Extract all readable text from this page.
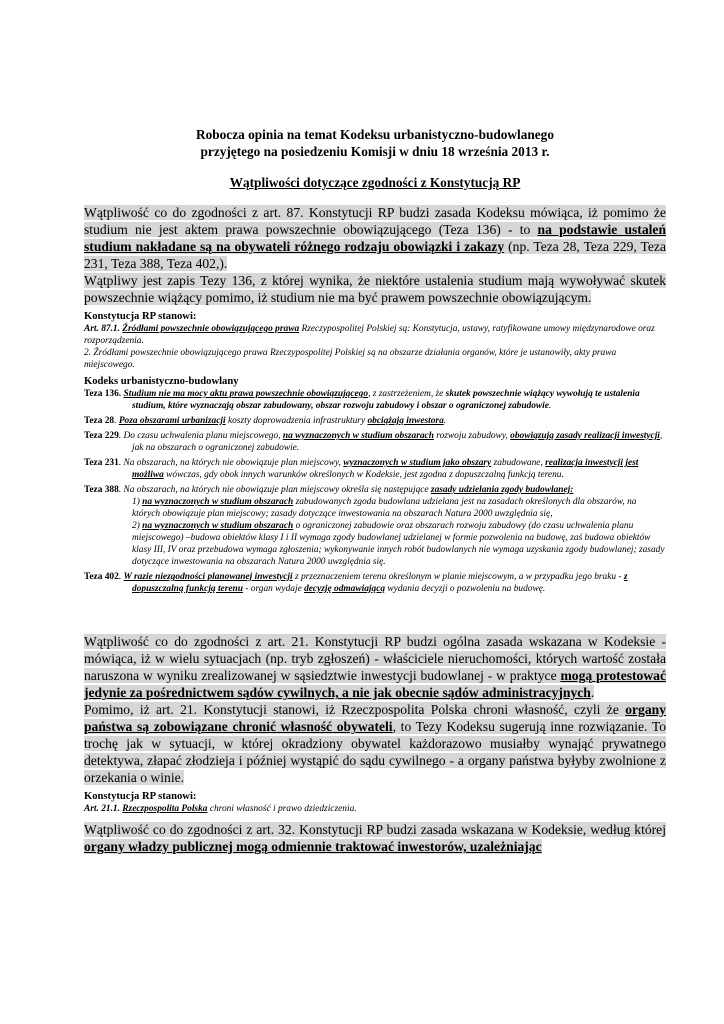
Robocza opinia na temat Kodeksu urbanistyczno-budowlanego
przyjętego na posiedzeniu Komisji w dniu 18 września 2013 r.
Wątpliwości dotyczące zgodności z Konstytucją RP

Wątpliwość co do zgodności z art. 87. Konstytucji RP budzi zasada Kodeksu mówiąca, iż pomimo że studium nie jest aktem prawa powszechnie obowiązującego (Teza 136) - to na podstawie ustaleń studium nakładane są na obywateli różnego rodzaju obowiązki i zakazy (np. Teza 28, Teza 229, Teza 231, Teza 388, Teza 402,).

Wątpliwy jest zapis Tezy 136, z której wynika, że niektóre ustalenia studium mają wywoływać skutek powszechnie wiążący pomimo, iż studium nie ma być prawem powszechnie obowiązującym.

Konstytucja RP stanowi:

Art. 87.1. Źródłami powszechnie obowiązującego prawa Rzeczypospolitej Polskiej są: Konstytucja, ustawy, ratyfikowane umowy międzynarodowe oraz rozporządzenia.

2. Źródłami powszechnie obowiązującego prawa Rzeczypospolitej Polskiej są na obszarze działania organów, które je ustanowiły, akty prawa miejscowego.

Kodeks urbanistyczno-budowlany
Teza 136. Studium nie ma mocy aktu prawa powszechnie obowiązującego, z zastrzeżeniem, że skutek powszechnie wiążący wywołują te ustalenia studium, które wyznaczają obszar zabudowany, obszar rozwoju zabudowy i obszar o ograniczonej zabudowie.
Teza 28. Poza obszarami urbanizacji koszty doprowadzenia infrastruktury obciążają inwestora.
Teza 229. Do czasu uchwalenia planu miejscowego, na wyznaczonych w studium obszarach rozwoju zabudowy, obowiązują zasady realizacji inwestycji, jak na obszarach o ograniczonej zabudowie.
Teza 231. Na obszarach, na których nie obowiązuje plan miejscowy, wyznaczonych w studium jako obszary zabudowane, realizacja inwestycji jest możliwa wówczas, gdy obok innych warunków określonych w Kodeksie, jest zgodna z dopuszczalną funkcją terenu.
Teza 388. Na obszarach, na których nie obowiązuje plan miejscowy określa się następujące zasady udzielania zgody budowlanej:
1) na wyznaczonych w studium obszarach zabudowanych zgoda budowlana udzielana jest na zasadach określonych dla obszarów, na których obowiązuje plan miejscowy; zasady dotyczące inwestowania na obszarach Natura 2000 uwzględnia się,
2) na wyznaczonych w studium obszarach o ograniczonej zabudowie oraz obszarach rozwoju zabudowy (do czasu uchwalenia planu miejscowego) –budowa obiektów klasy I i II wymaga zgody budowlanej udzielanej w formie pozwolenia na budowę, zaś budowa obiektów klasy III, IV oraz przebudowa wymaga zgłoszenia; wykonywanie innych robót budowlanych nie wymaga uzyskania zgody budowlanej; zasady dotyczące inwestowania na obszarach Natura 2000 uwzględnia się.
Teza 402. W razie niezgodności planowanej inwestycji z przeznaczeniem terenu określonym w planie miejscowym, a w przypadku jego braku - z dopuszczalną funkcją terenu - organ wydaje decyzję odmawiającą wydania decyzji o pozwoleniu na budowę.

Wątpliwość co do zgodności z art. 21. Konstytucji RP budzi ogólna zasada wskazana w Kodeksie - mówiąca, iż w wielu sytuacjach (np. tryb zgłoszeń) - właściciele nieruchomości, których wartość została naruszona w wyniku zrealizowanej w sąsiedztwie inwestycji budowlanej - w praktyce mogą protestować jedynie za pośrednictwem sądów cywilnych, a nie jak obecnie sądów administracyjnych.

Pomimo, iż art. 21. Konstytucji stanowi, iż Rzeczpospolita Polska chroni własność, czyli że organy państwa są zobowiązane chronić własność obywateli, to Tezy Kodeksu sugerują inne rozwiązanie. To trochę jak w sytuacji, w której okradziony obywatel każdorazowo musiałby wynająć prywatnego detektywa, złapać złodzieja i później wystąpić do sądu cywilnego - a organy państwa byłyby zwolnione z orzekania o winie.

Konstytucja RP stanowi:

Art. 21.1. Rzeczpospolita Polska chroni własność i prawo dziedziczenia.

Wątpliwość co do zgodności z art. 32. Konstytucji RP budzi zasada wskazana w Kodeksie, według której organy władzy publicznej mogą odmiennie traktować inwestorów, uzależniając
